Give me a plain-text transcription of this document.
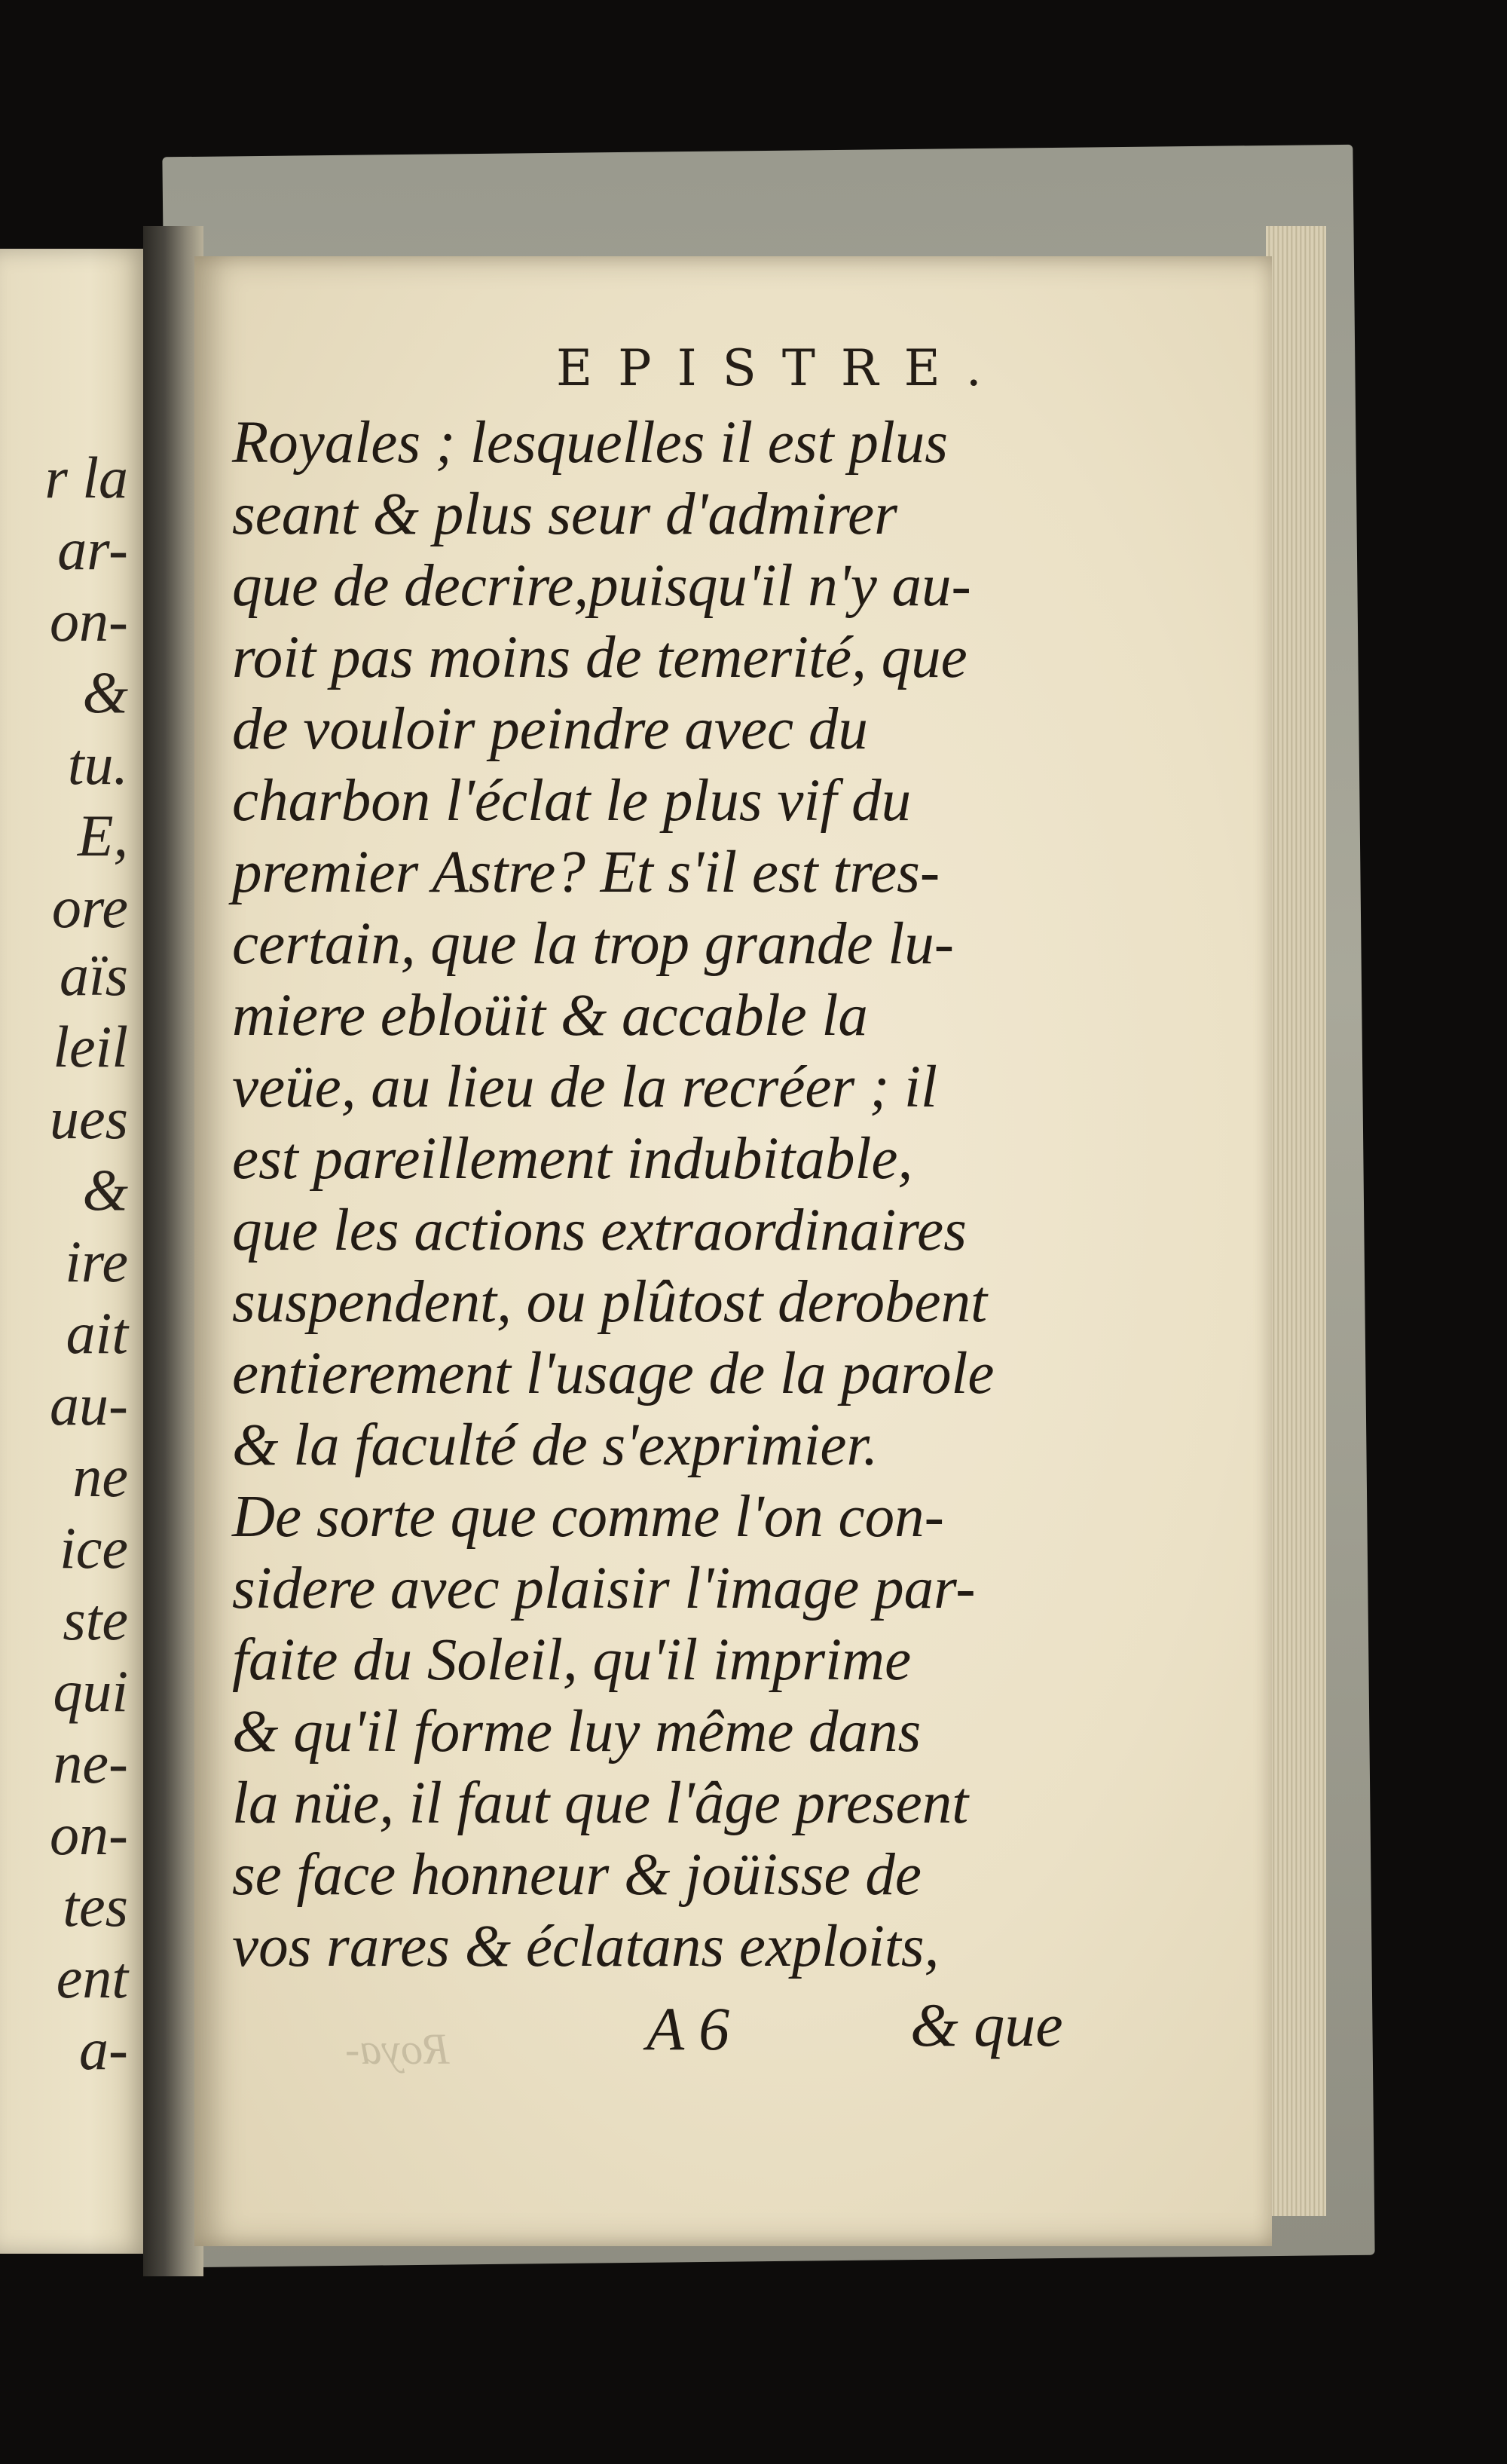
r la
ar-
on-
&
tu.
E,
ore
aïs
leil
ues
&
ire
ait
au-
ne
ice
ste
qui
ne-
on-
tes
ent
a-
EPISTRE.
Royales ; lesquelles il est plus
seant & plus seur d'admirer
que de decrire,puisqu'il n'y au-
roit pas moins de temerité, que
de vouloir peindre avec du
charbon l'éclat le plus vif du
premier Astre? Et s'il est tres-
certain, que la trop grande lu-
miere ebloüit & accable la
veüe, au lieu de la recréer ; il
est pareillement indubitable,
que les actions extraordinaires
suspendent, ou plûtost derobent
entierement l'usage de la parole
& la faculté de s'exprimier.
De sorte que comme l'on con-
sidere avec plaisir l'image par-
faite du Soleil, qu'il imprime
& qu'il forme luy même dans
la nüe, il faut que l'âge present
se face honneur & joüisse de
vos rares & éclatans exploits,
Roya-	A 6	& que
